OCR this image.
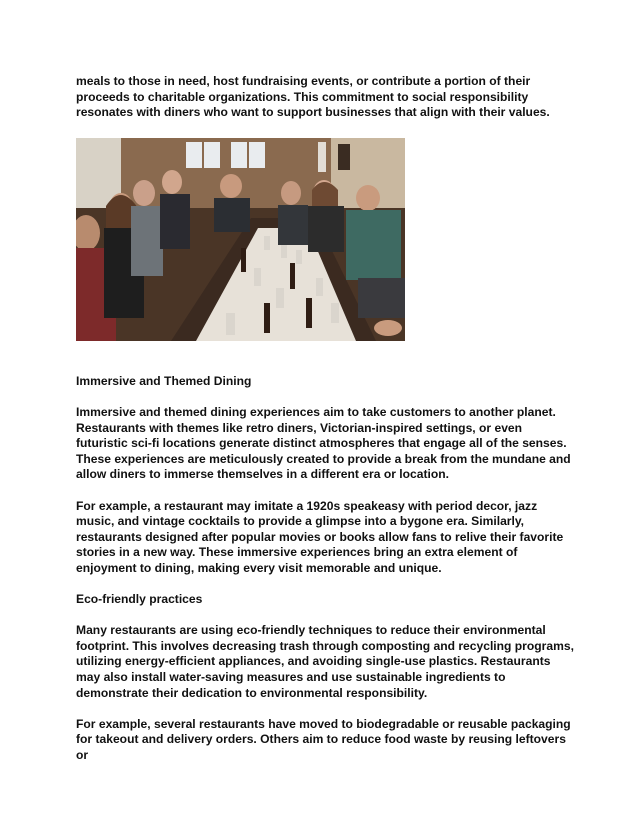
meals to those in need, host fundraising events, or contribute a portion of their proceeds to charitable organizations. This commitment to social responsibility resonates with diners who want to support businesses that align with their values.

Immersive and Themed Dining

Immersive and themed dining experiences aim to take customers to another planet. Restaurants with themes like retro diners, Victorian-inspired settings, or even futuristic sci-fi locations generate distinct atmospheres that engage all of the senses. These experiences are meticulously created to provide a break from the mundane and allow diners to immerse themselves in a different era or location.

For example, a restaurant may imitate a 1920s speakeasy with period decor, jazz music, and vintage cocktails to provide a glimpse into a bygone era. Similarly, restaurants designed after popular movies or books allow fans to relive their favorite stories in a new way. These immersive experiences bring an extra element of enjoyment to dining, making every visit memorable and unique.

Eco-friendly practices

Many restaurants are using eco-friendly techniques to reduce their environmental footprint. This involves decreasing trash through composting and recycling programs, utilizing energy-efficient appliances, and avoiding single-use plastics. Restaurants may also install water-saving measures and use sustainable ingredients to demonstrate their dedication to environmental responsibility.

For example, several restaurants have moved to biodegradable or reusable packaging for takeout and delivery orders. Others aim to reduce food waste by reusing leftovers or
